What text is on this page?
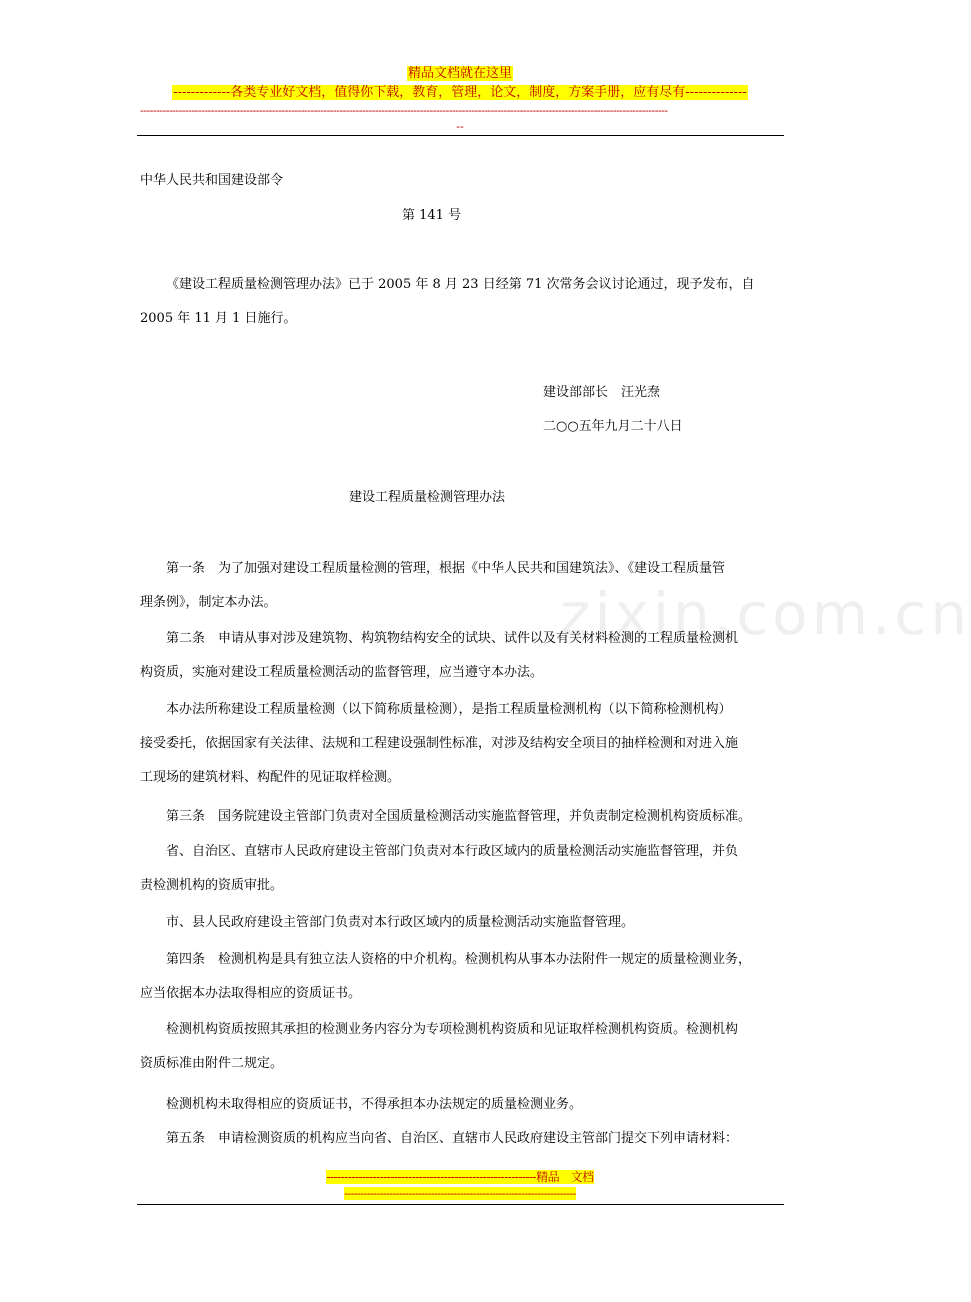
精品文档就在这里
-------------各类专业好文档，值得你下载，教育，管理，论文，制度，方案手册，应有尽有--------------
--------------------------------------------------------------------------------------------------------------------------------------------------------------------
--
zixin.com.cn
中华人民共和国建设部令
第 141 号
《建设工程质量检测管理办法》已于 2005 年 8 月 23 日经第 71 次常务会议讨论通过，现予发布，自
2005 年 11 月 1 日施行。
建设部部长　汪光焘
二○○五年九月二十八日
建设工程质量检测管理办法
　　第一条　为了加强对建设工程质量检测的管理，根据《中华人民共和国建筑法》、《建设工程质量管
理条例》，制定本办法。
　　第二条　申请从事对涉及建筑物、构筑物结构安全的试块、试件以及有关材料检测的工程质量检测机
构资质，实施对建设工程质量检测活动的监督管理，应当遵守本办法。
　　本办法所称建设工程质量检测（以下简称质量检测），是指工程质量检测机构（以下简称检测机构）
接受委托，依据国家有关法律、法规和工程建设强制性标准，对涉及结构安全项目的抽样检测和对进入施
工现场的建筑材料、构配件的见证取样检测。
　　第三条　国务院建设主管部门负责对全国质量检测活动实施监督管理，并负责制定检测机构资质标准。
　　省、自治区、直辖市人民政府建设主管部门负责对本行政区域内的质量检测活动实施监督管理，并负
责检测机构的资质审批。
　　市、县人民政府建设主管部门负责对本行政区域内的质量检测活动实施监督管理。
　　第四条　检测机构是具有独立法人资格的中介机构。检测机构从事本办法附件一规定的质量检测业务，
应当依据本办法取得相应的资质证书。
　　检测机构资质按照其承担的检测业务内容分为专项检测机构资质和见证取样检测机构资质。检测机构
资质标准由附件二规定。
　　检测机构未取得相应的资质证书，不得承担本办法规定的质量检测业务。
　　第五条　申请检测资质的机构应当向省、自治区、直辖市人民政府建设主管部门提交下列申请材料：
-----------------------------------------------------------精品　文档
------------------------------------------------------------------------
